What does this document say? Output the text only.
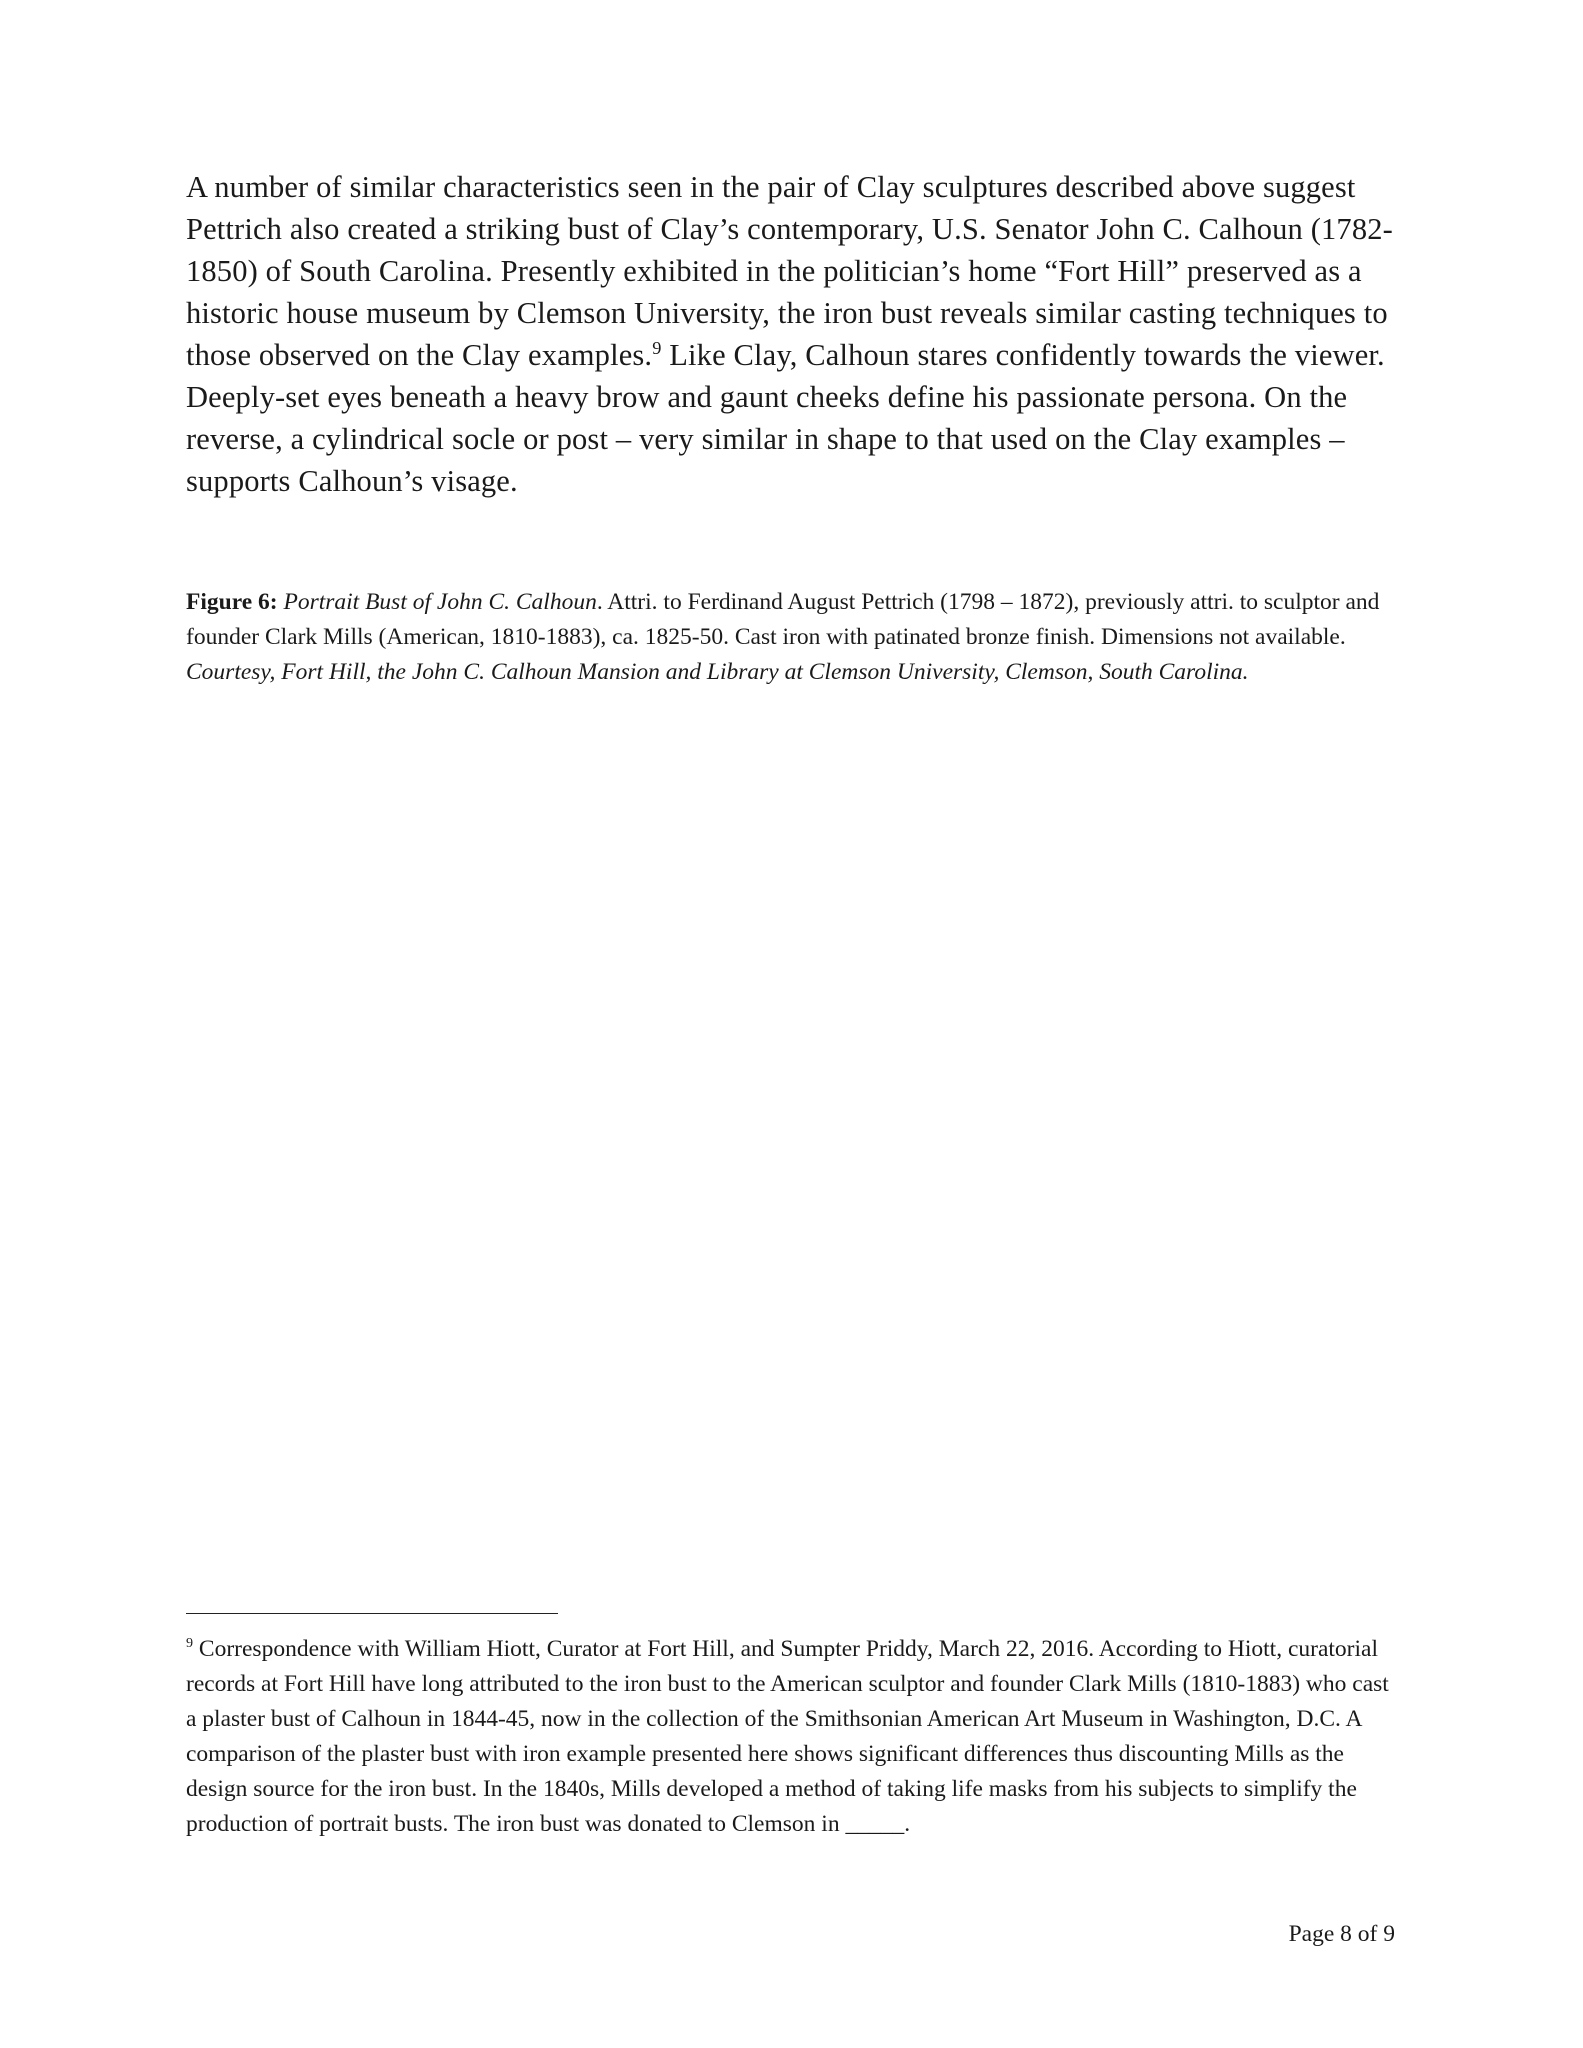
A number of similar characteristics seen in the pair of Clay sculptures described above suggest Pettrich also created a striking bust of Clay’s contemporary, U.S. Senator John C. Calhoun (1782-1850) of South Carolina. Presently exhibited in the politician’s home “Fort Hill” preserved as a historic house museum by Clemson University, the iron bust reveals similar casting techniques to those observed on the Clay examples.$^9$ Like Clay, Calhoun stares confidently towards the viewer. Deeply-set eyes beneath a heavy brow and gaunt cheeks define his passionate persona. On the reverse, a cylindrical socle or post – very similar in shape to that used on the Clay examples – supports Calhoun’s visage.

Figure 6: Portrait Bust of John C. Calhoun. Attri. to Ferdinand August Pettrich (1798 – 1872), previously attri. to sculptor and founder Clark Mills (American, 1810-1883), ca. 1825-50. Cast iron with patinated bronze finish. Dimensions not available. Courtesy, Fort Hill, the John C. Calhoun Mansion and Library at Clemson University, Clemson, South Carolina.

$^9$ Correspondence with William Hiott, Curator at Fort Hill, and Sumpter Priddy, March 22, 2016. According to Hiott, curatorial records at Fort Hill have long attributed to the iron bust to the American sculptor and founder Clark Mills (1810-1883) who cast a plaster bust of Calhoun in 1844-45, now in the collection of the Smithsonian American Art Museum in Washington, D.C. A comparison of the plaster bust with iron example presented here shows significant differences thus discounting Mills as the design source for the iron bust. In the 1840s, Mills developed a method of taking life masks from his subjects to simplify the production of portrait busts. The iron bust was donated to Clemson in _____.

Page 8 of 9
